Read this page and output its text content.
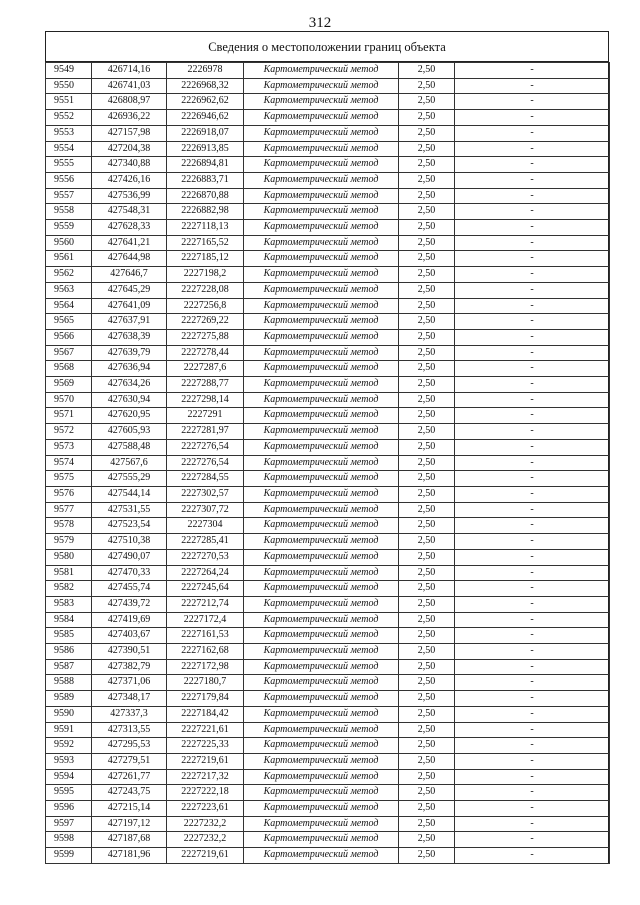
312
Сведения о местоположении границ объекта
9549	426714,16	2226978	Картометрический метод	2,50	-
9550	426741,03	2226968,32	Картометрический метод	2,50	-
9551	426808,97	2226962,62	Картометрический метод	2,50	-
9552	426936,22	2226946,62	Картометрический метод	2,50	-
9553	427157,98	2226918,07	Картометрический метод	2,50	-
9554	427204,38	2226913,85	Картометрический метод	2,50	-
9555	427340,88	2226894,81	Картометрический метод	2,50	-
9556	427426,16	2226883,71	Картометрический метод	2,50	-
9557	427536,99	2226870,88	Картометрический метод	2,50	-
9558	427548,31	2226882,98	Картометрический метод	2,50	-
9559	427628,33	2227118,13	Картометрический метод	2,50	-
9560	427641,21	2227165,52	Картометрический метод	2,50	-
9561	427644,98	2227185,12	Картометрический метод	2,50	-
9562	427646,7	2227198,2	Картометрический метод	2,50	-
9563	427645,29	2227228,08	Картометрический метод	2,50	-
9564	427641,09	2227256,8	Картометрический метод	2,50	-
9565	427637,91	2227269,22	Картометрический метод	2,50	-
9566	427638,39	2227275,88	Картометрический метод	2,50	-
9567	427639,79	2227278,44	Картометрический метод	2,50	-
9568	427636,94	2227287,6	Картометрический метод	2,50	-
9569	427634,26	2227288,77	Картометрический метод	2,50	-
9570	427630,94	2227298,14	Картометрический метод	2,50	-
9571	427620,95	2227291	Картометрический метод	2,50	-
9572	427605,93	2227281,97	Картометрический метод	2,50	-
9573	427588,48	2227276,54	Картометрический метод	2,50	-
9574	427567,6	2227276,54	Картометрический метод	2,50	-
9575	427555,29	2227284,55	Картометрический метод	2,50	-
9576	427544,14	2227302,57	Картометрический метод	2,50	-
9577	427531,55	2227307,72	Картометрический метод	2,50	-
9578	427523,54	2227304	Картометрический метод	2,50	-
9579	427510,38	2227285,41	Картометрический метод	2,50	-
9580	427490,07	2227270,53	Картометрический метод	2,50	-
9581	427470,33	2227264,24	Картометрический метод	2,50	-
9582	427455,74	2227245,64	Картометрический метод	2,50	-
9583	427439,72	2227212,74	Картометрический метод	2,50	-
9584	427419,69	2227172,4	Картометрический метод	2,50	-
9585	427403,67	2227161,53	Картометрический метод	2,50	-
9586	427390,51	2227162,68	Картометрический метод	2,50	-
9587	427382,79	2227172,98	Картометрический метод	2,50	-
9588	427371,06	2227180,7	Картометрический метод	2,50	-
9589	427348,17	2227179,84	Картометрический метод	2,50	-
9590	427337,3	2227184,42	Картометрический метод	2,50	-
9591	427313,55	2227221,61	Картометрический метод	2,50	-
9592	427295,53	2227225,33	Картометрический метод	2,50	-
9593	427279,51	2227219,61	Картометрический метод	2,50	-
9594	427261,77	2227217,32	Картометрический метод	2,50	-
9595	427243,75	2227222,18	Картометрический метод	2,50	-
9596	427215,14	2227223,61	Картометрический метод	2,50	-
9597	427197,12	2227232,2	Картометрический метод	2,50	-
9598	427187,68	2227232,2	Картометрический метод	2,50	-
9599	427181,96	2227219,61	Картометрический метод	2,50	-
